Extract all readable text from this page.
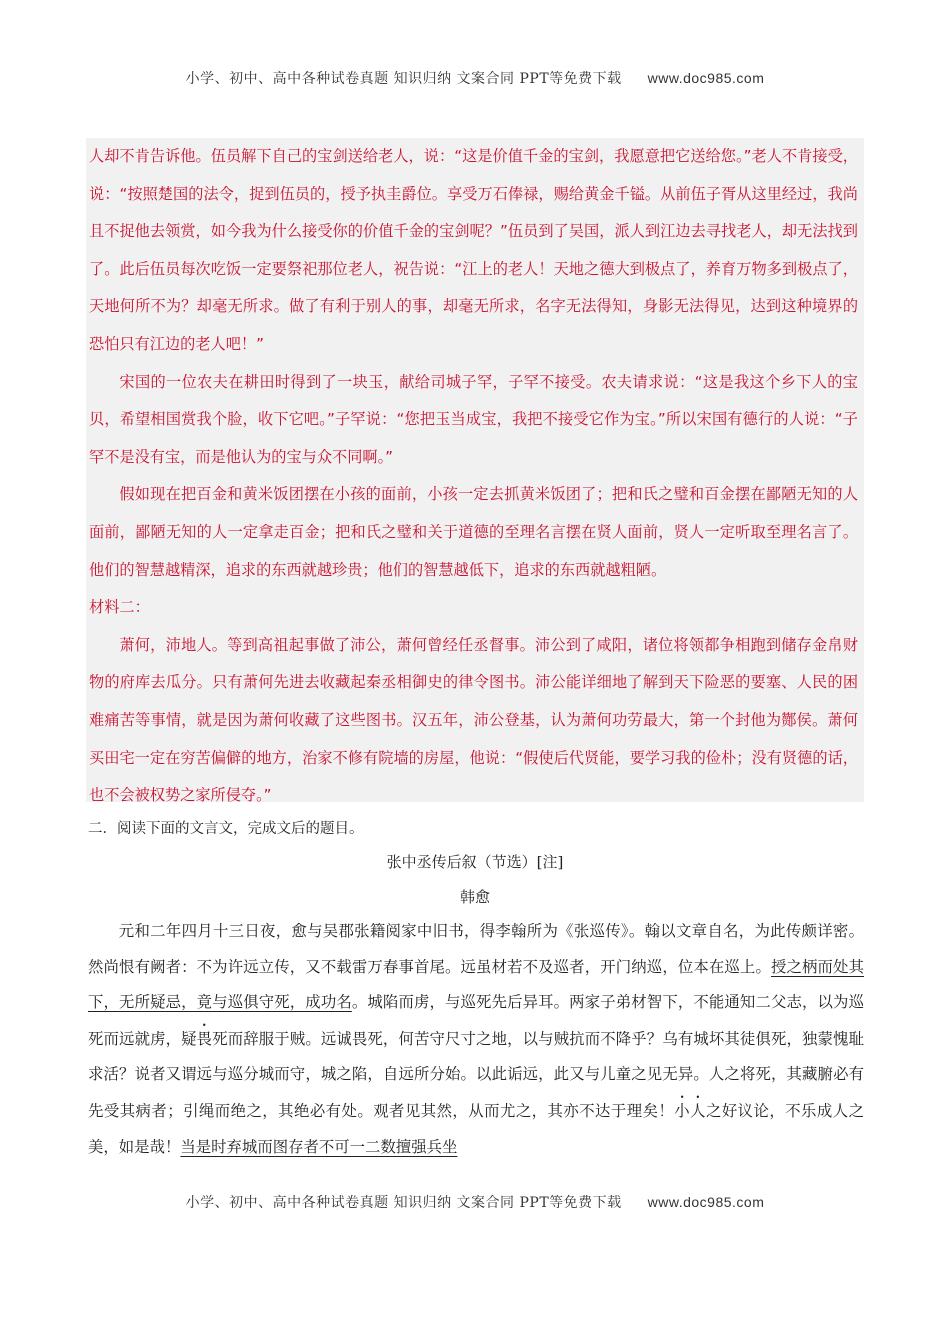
小学、初中、高中各种试卷真题 知识归纳 文案合同 PPT等免费下载 www.doc985.com

人却不肯告诉他。伍员解下自己的宝剑送给老人，说：“这是价值千金的宝剑，我愿意把它送给您。”老人不肯接受，说：“按照楚国的法令，捉到伍员的，授予执圭爵位。享受万石俸禄，赐给黄金千镒。从前伍子胥从这里经过，我尚且不捉他去领赏，如今我为什么接受你的价值千金的宝剑呢？”伍员到了吴国，派人到江边去寻找老人，却无法找到了。此后伍员每次吃饭一定要祭祀那位老人，祝告说：“江上的老人！天地之德大到极点了，养育万物多到极点了，天地何所不为？却毫无所求。做了有利于别人的事，却毫无所求，名字无法得知，身影无法得见，达到这种境界的恐怕只有江边的老人吧！”

宋国的一位农夫在耕田时得到了一块玉，献给司城子罕，子罕不接受。农夫请求说：“这是我这个乡下人的宝贝，希望相国赏我个脸，收下它吧。”子罕说：“您把玉当成宝，我把不接受它作为宝。”所以宋国有德行的人说：“子罕不是没有宝，而是他认为的宝与众不同啊。”

假如现在把百金和黄米饭团摆在小孩的面前，小孩一定去抓黄米饭团了；把和氏之璧和百金摆在鄙陋无知的人面前，鄙陋无知的人一定拿走百金；把和氏之璧和关于道德的至理名言摆在贤人面前，贤人一定听取至理名言了。他们的智慧越精深，追求的东西就越珍贵；他们的智慧越低下，追求的东西就越粗陋。

材料二：

萧何，沛地人。等到高祖起事做了沛公，萧何曾经任丞督事。沛公到了咸阳，诸位将领都争相跑到储存金帛财物的府库去瓜分。只有萧何先进去收藏起秦丞相御史的律令图书。沛公能详细地了解到天下险恶的要塞、人民的困难痛苦等事情，就是因为萧何收藏了这些图书。汉五年，沛公登基，认为萧何功劳最大，第一个封他为酂侯。萧何买田宅一定在穷苦偏僻的地方，治家不修有院墙的房屋，他说：“假使后代贤能，要学习我的俭朴；没有贤德的话，也不会被权势之家所侵夺。”

二．阅读下面的文言文，完成文后的题目。
张中丞传后叙（节选）[注]
韩愈

元和二年四月十三日夜，愈与吴郡张籍阅家中旧书，得李翰所为《张巡传》。翰以文章自名，为此传颇详密。然尚恨有阙者：不为许远立传，又不载雷万春事首尾。远虽材若不及巡者，开门纳巡，位本在巡上。授之柄而处其下，无所疑忌，竟与巡俱守死，成功名。城陷而虏，与巡死先后异耳。两家子弟材智下，不能通知二父志，以为巡死而远就虏，疑畏死而辞服于贼。远诚畏死，何苦守尺寸之地，以与贼抗而不降乎？乌有城坏其徒俱死，独蒙愧耻求活？说者又谓远与巡分城而守，城之陷，自远所分始。以此诟远，此又与儿童之见无异。人之将死，其藏腑必有先受其病者；引绳而绝之，其绝必有处。观者见其然，从而尤之，其亦不达于理矣！小人之好议论，不乐成人之美，如是哉！当是时弃城而图存者不可一二数擅强兵坐

小学、初中、高中各种试卷真题 知识归纳 文案合同 PPT等免费下载 www.doc985.com
